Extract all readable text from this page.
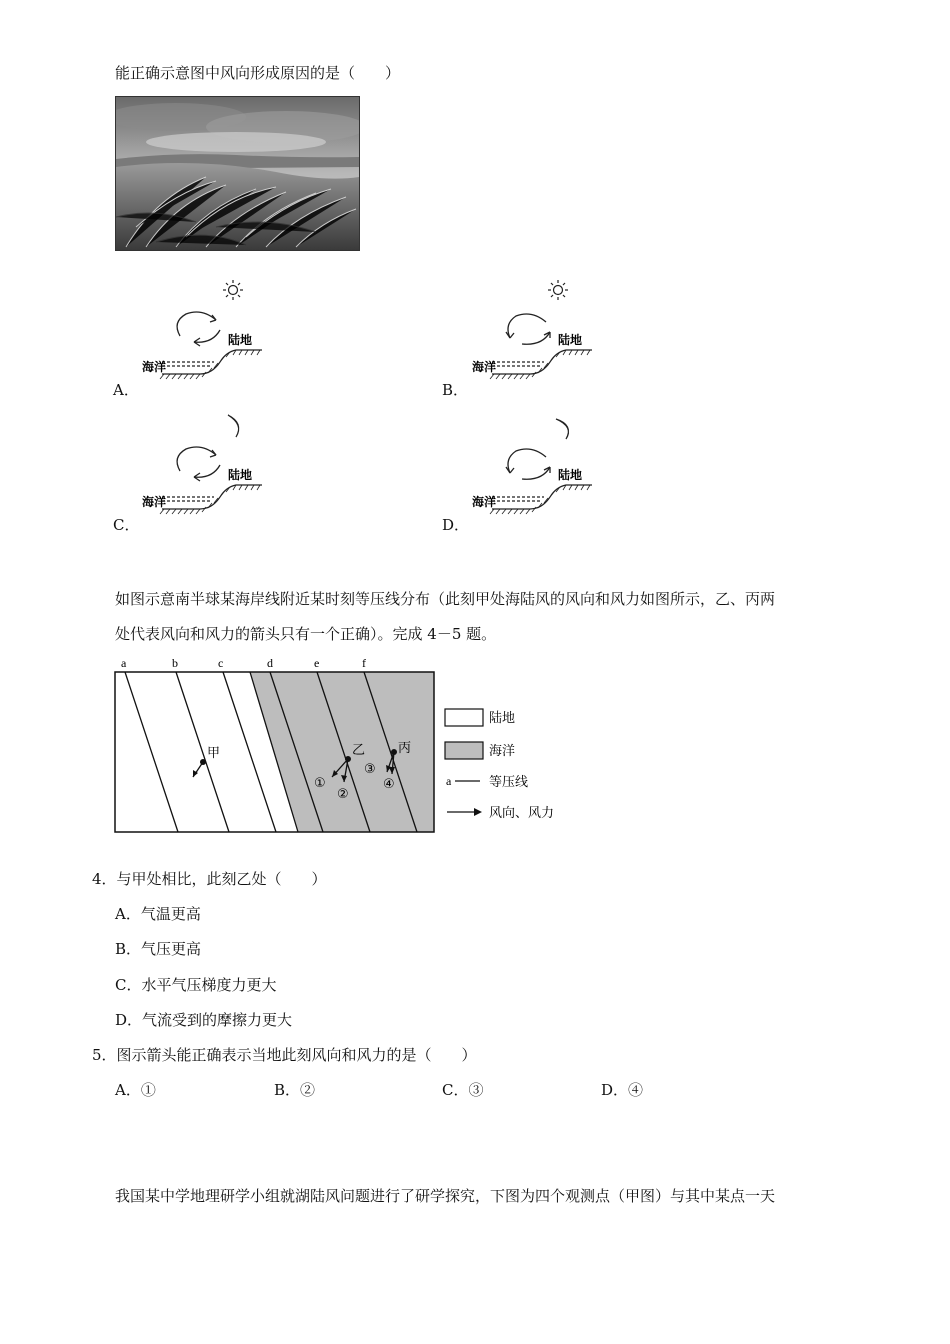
能正确示意图中风向形成原因的是（　　）
A．
陆地
海洋
B．
陆地
海洋
C．
陆地
海洋
D．
陆地
海洋
如图示意南半球某海岸线附近某时刻等压线分布（此刻甲处海陆风的风向和风力如图所示，乙、丙两
处代表风向和风力的箭头只有一个正确）。完成 4－5 题。
a	b	c	d	e	f
甲	乙
①
②
丙
③
④
陆地
海洋
a	等压线
风向、风力
4．与甲处相比，此刻乙处（　　）
A．气温更高
B．气压更高
C．水平气压梯度力更大
D．气流受到的摩擦力更大
5．图示箭头能正确表示当地此刻风向和风力的是（　　）
A．①	B．②	C．③	D．④
我国某中学地理研学小组就湖陆风问题进行了研学探究，下图为四个观测点（甲图）与其中某点一天
